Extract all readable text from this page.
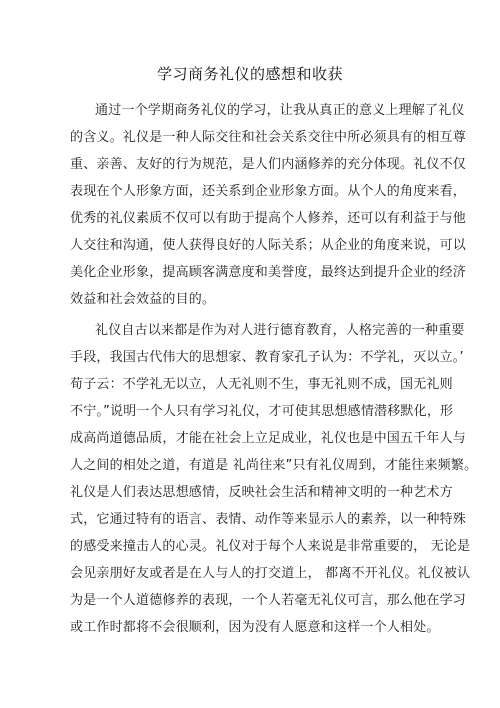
学习商务礼仪的感想和收获
通过一个学期商务礼仪的学习，让我从真正的意义上理解了礼仪
的含义。礼仪是一种人际交往和社会关系交往中所必须具有的相互尊
重、亲善、友好的行为规范，是人们内涵修养的充分体现。礼仪不仅
表现在个人形象方面，还关系到企业形象方面。从个人的角度来看，
优秀的礼仪素质不仅可以有助于提高个人修养，还可以有利益于与他
人交往和沟通，使人获得良好的人际关系；从企业的角度来说，可以
美化企业形象，提高顾客满意度和美誉度，最终达到提升企业的经济
效益和社会效益的目的。
礼仪自古以来都是作为对人进行德育教育，人格完善的一种重要
手段，我国古代伟大的思想家、教育家孔子认为：不学礼，灭以立。’
荀子云：不学礼无以立，人无礼则不生，事无礼则不成，国无礼则
不宁。”说明一个人只有学习礼仪，才可使其思想感情潜移默化，形
成高尚道德品质，才能在社会上立足成业，礼仪也是中国五千年人与
人之间的相处之道，有道是 礼尚往来”只有礼仪周到，才能往来频繁。
礼仪是人们表达思想感情，反映社会生活和精神文明的一种艺术方
式，它通过特有的语言、表情、动作等来显示人的素养，以一种特殊
的感受来撞击人的心灵。礼仪对于每个人来说是非常重要的， 无论是
会见亲朋好友或者是在人与人的打交道上， 都离不开礼仪。礼仪被认
为是一个人道德修养的表现，一个人若毫无礼仪可言，那么他在学习
或工作时都将不会很顺利，因为没有人愿意和这样一个人相处。
